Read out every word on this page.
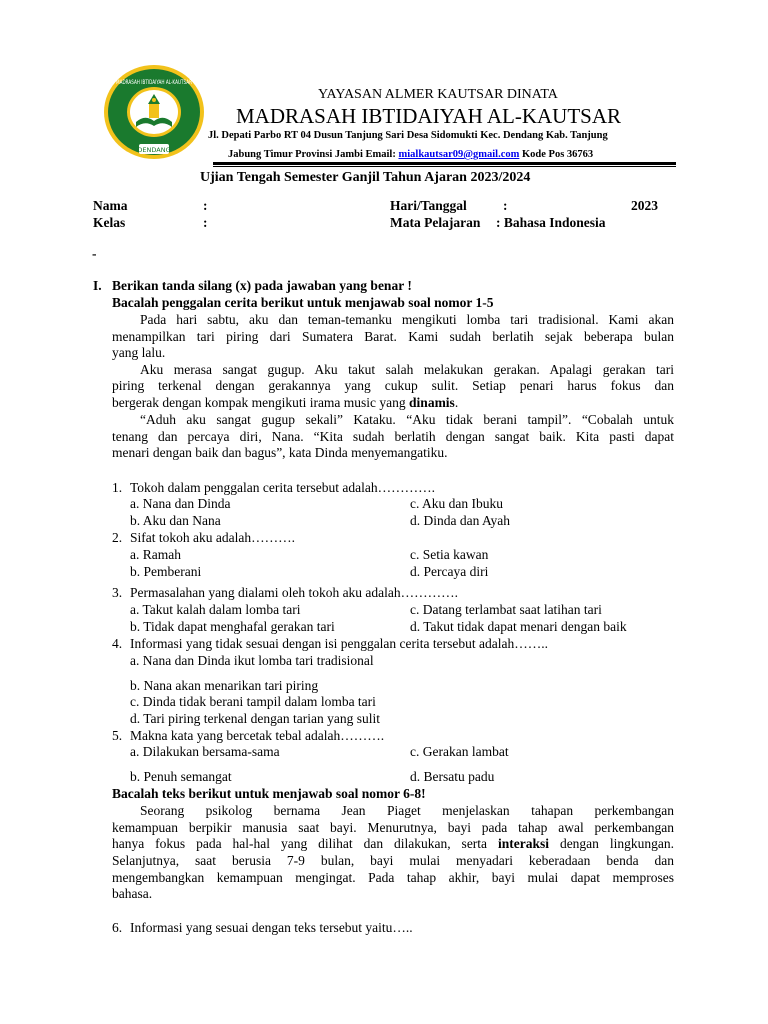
DENDANG
MADRASAH IBTIDAIYAH AL-KAUTSAR
YAYASAN ALMER KAUTSAR DINATA
MADRASAH IBTIDAIYAH AL-KAUTSAR
Jl. Depati Parbo RT 04 Dusun Tanjung Sari Desa Sidomukti Kec. Dendang Kab. Tanjung
Jabung Timur Provinsi Jambi Email: mialkautsar09@gmail.com Kode Pos 36763
Ujian Tengah Semester Ganjil Tahun Ajaran 2023/2024
Nama	:
Kelas	:
Hari/Tanggal	:	2023
Mata Pelajaran : Bahasa Indonesia
-
I. Berikan tanda silang (x) pada jawaban yang benar !
Bacalah penggalan cerita berikut untuk menjawab soal nomor 1-5
Pada hari sabtu, aku dan teman-temanku mengikuti lomba tari tradisional. Kami akan
menampilkan tari piring dari Sumatera Barat. Kami sudah berlatih sejak beberapa bulan
yang lalu.
Aku merasa sangat gugup. Aku takut salah melakukan gerakan. Apalagi gerakan tari
piring terkenal dengan gerakannya yang cukup sulit. Setiap penari harus fokus dan
bergerak dengan kompak mengikuti irama music yang dinamis.
“Aduh aku sangat gugup sekali” Kataku. “Aku tidak berani tampil”. “Cobalah untuk
tenang dan percaya diri, Nana. “Kita sudah berlatih dengan sangat baik. Kita pasti dapat
menari dengan baik dan bagus”, kata Dinda menyemangatiku.
1. Tokoh dalam penggalan cerita tersebut adalah………….
a. Nana dan Dinda	c. Aku dan Ibuku
b. Aku dan Nana	d. Dinda dan Ayah
2. Sifat tokoh aku adalah……….
a. Ramah	c. Setia kawan
b. Pemberani	d. Percaya diri
3. Permasalahan yang dialami oleh tokoh aku adalah………….
a. Takut kalah dalam lomba tari	c. Datang terlambat saat latihan tari
b. Tidak dapat menghafal gerakan tari	d. Takut tidak dapat menari dengan baik
4. Informasi yang tidak sesuai dengan isi penggalan cerita tersebut adalah……..
a. Nana dan Dinda ikut lomba tari tradisional
b. Nana akan menarikan tari piring
c. Dinda tidak berani tampil dalam lomba tari
d. Tari piring terkenal dengan tarian yang sulit
5. Makna kata yang bercetak tebal adalah……….
a. Dilakukan bersama-sama	c. Gerakan lambat
b. Penuh semangat	d. Bersatu padu
Bacalah teks berikut untuk menjawab soal nomor 6-8!
Seorang psikolog bernama Jean Piaget menjelaskan tahapan perkembangan
kemampuan berpikir manusia saat bayi. Menurutnya, bayi pada tahap awal perkembangan
hanya fokus pada hal-hal yang dilihat dan dilakukan, serta interaksi dengan lingkungan.
Selanjutnya, saat berusia 7-9 bulan, bayi mulai menyadari keberadaan benda dan
mengembangkan kemampuan mengingat. Pada tahap akhir, bayi mulai dapat memproses
bahasa.
6. Informasi yang sesuai dengan teks tersebut yaitu…..
